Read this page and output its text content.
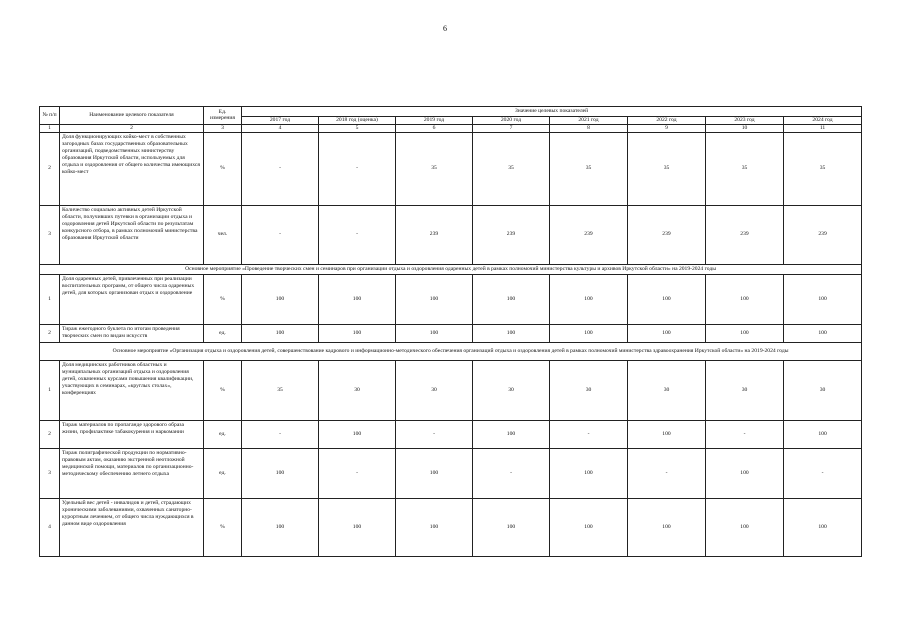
6
№ п/п	Наименование целевого показателя	Ед. измерения	Значение целевых показателей							
			2017 год	2018 год (оценка)	2019 год	2020 год	2021 год	2022 год	2023 год	2024 год
1	2	3	4	5	6	7	8	9	10	11
2	Доля функционирующих койко-мест в собственных загородных базах государственных образовательных организаций, подведомственных министерству образования Иркутской области, используемых для отдыха и оздоровления от общего количества имеющихся койко-мест	%	-	-	35	35	35	35	35	35
3	Количество социально активных детей Иркутской области, получивших путевки в организации отдыха и оздоровления детей Иркутской области по результатам конкурсного отбора, в рамках полномочий министерства образования Иркутской области	чел.	-	-	239	239	239	239	239	239
Основное мероприятие «Проведение творческих смен и семинаров при организации отдыха и оздоровления одаренных детей в рамках полномочий министерства культуры и архивов Иркутской области» на 2019-2024 годы										
1	Доля одаренных детей, привлеченных при реализации воспитательных программ, от общего числа одаренных детей, для которых организован отдых и оздоровление	%	100	100	100	100	100	100	100	100
2	Тираж ежегодного буклета по итогам проведения творческих смен по видам искусств	ед.	100	100	100	100	100	100	100	100
Основное мероприятие «Организация отдыха и оздоровления детей, совершенствование кадрового и информационно-методического обеспечения организаций отдыха и оздоровления детей в рамках полномочий министерства здравоохранения Иркутской области» на 2019-2024 годы										
1	Доля медицинских работников областных и муниципальных организаций отдыха и оздоровления детей, охваченных курсами повышения квалификации, участвующих в семинарах, «круглых столах», конференциях	%	35	30	30	30	30	30	30	30
2	Тираж материалов по пропаганде здорового образа жизни, профилактике табакокурения и наркомании	ед.	-	100	-	100	-	100	-	100
3	Тираж полиграфической продукции по нормативно-правовым актам, оказанию экстренной неотложной медицинской помощи, материалов по организационно-методическому обеспечению летнего отдыха	ед.	100	-	100	-	100	-	100	-
4	Удельный вес детей - инвалидов и детей, страдающих хроническими заболеваниями, охваченных санаторно-курортным лечением, от общего числа нуждающихся в данном виде оздоровления	%	100	100	100	100	100	100	100	100
